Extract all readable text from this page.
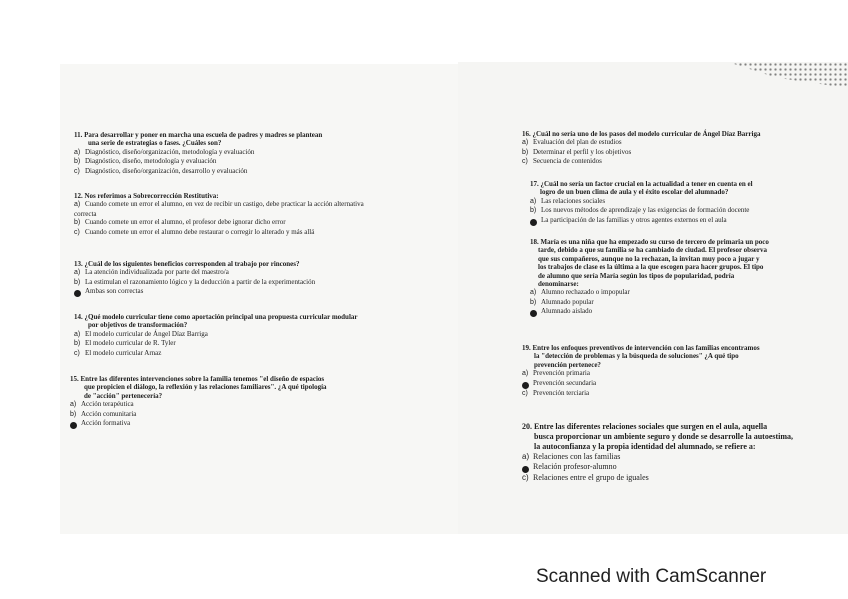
11. Para desarrollar y poner en marcha una escuela de padres y madres se plantean
una serie de estrategias o fases. ¿Cuáles son?
a) Diagnóstico, diseño/organización, metodología y evaluación
b) Diagnóstico, diseño, metodología y evaluación
c) Diagnóstico, diseño/organización, desarrollo y evaluación
12. Nos referimos a Sobrecorrección Restitutiva:
a) Cuando comete un error el alumno, en vez de recibir un castigo, debe practicar la acción alternativa correcta
b) Cuando comete un error el alumno, el profesor debe ignorar dicho error
c) Cuando comete un error el alumno debe restaurar o corregir lo alterado y más allá
13. ¿Cuál de los siguientes beneficios corresponden al trabajo por rincones?
a) La atención individualizada por parte del maestro/a
b) La estimulan el razonamiento lógico y la deducción a partir de la experimentación
Ambas son correctas
14. ¿Qué modelo curricular tiene como aportación principal una propuesta curricular modular
por objetivos de transformación?
a) El modelo curricular de Ángel Díaz Barriga
b) El modelo curricular de R. Tyler
c) El modelo curricular Arnaz
15. Entre las diferentes intervenciones sobre la familia tenemos "el diseño de espacios
que propicien el diálogo, la reflexión y las relaciones familiares". ¿A qué tipología
de "acción" pertenecería?
a) Acción terapéutica
b) Acción comunitaria
Acción formativa
16. ¿Cuál no sería uno de los pasos del modelo curricular de Ángel Díaz Barriga
a) Evaluación del plan de estudios
b) Determinar el perfil y los objetivos
c) Secuencia de contenidos
17. ¿Cuál no sería un factor crucial en la actualidad a tener en cuenta en el
logro de un buen clima de aula y el éxito escolar del alumnado?
a) Las relaciones sociales
b) Los nuevos métodos de aprendizaje y las exigencias de formación docente
La participación de las familias y otros agentes externos en el aula
18. María es una niña que ha empezado su curso de tercero de primaria un poco
tarde, debido a que su familia se ha cambiado de ciudad. El profesor observa
que sus compañeros, aunque no la rechazan, la invitan muy poco a jugar y
los trabajos de clase es la última a la que escogen para hacer grupos. El tipo
de alumno que sería María según los tipos de popularidad, podría
denominarse:
a) Alumno rechazado o impopular
b) Alumnado popular
Alumnado aislado
19. Entre los enfoques preventivos de intervención con las familias encontramos
la "detección de problemas y la búsqueda de soluciones" ¿A qué tipo
prevención pertenece?
a) Prevención primaria
Prevención secundaria
c) Prevención terciaria
20. Entre las diferentes relaciones sociales que surgen en el aula, aquella
busca proporcionar un ambiente seguro y donde se desarrolle la autoestima,
la autoconfianza y la propia identidad del alumnado, se refiere a:
a) Relaciones con las familias
Relación profesor-alumno
c) Relaciones entre el grupo de iguales
Scanned with CamScanner
